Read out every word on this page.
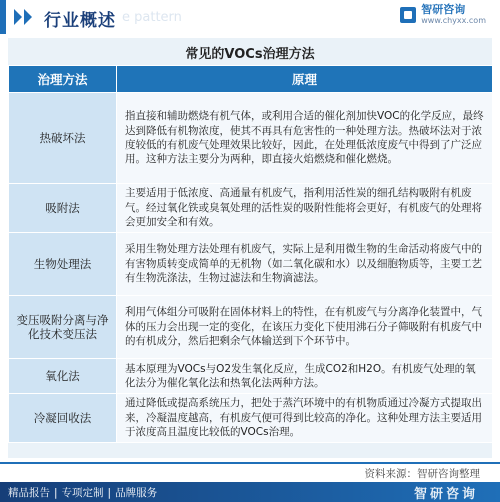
行业概述 e pattern
智研咨询
www.chyxx.com
常见的VOCs治理方法
治理方法	原理
热破坏法	指直接和辅助燃烧有机气体，或利用合适的催化剂加快VOC的化学反应，最终达到降低有机物浓度，使其不再具有危害性的一种处理方法。热破坏法对于浓度较低的有机废气处理效果比较好，因此，在处理低浓度废气中得到了广泛应用。这种方法主要分为两种，即直接火焰燃烧和催化燃烧。
吸附法	主要适用于低浓度、高通量有机废气，指利用活性炭的细孔结构吸附有机废气。经过氧化铁或臭氧处理的活性炭的吸附性能将会更好，有机废气的处理将会更加安全和有效。
生物处理法	采用生物处理方法处理有机废气，实际上是利用微生物的生命活动将废气中的有害物质转变成简单的无机物（如二氧化碳和水）以及细胞物质等，主要工艺有生物洗涤法，生物过滤法和生物滴滤法。
变压吸附分离与净化技术变压法	利用气体组分可吸附在固体材料上的特性，在有机废气与分离净化装置中，气体的压力会出现一定的变化，在该压力变化下使用沸石分子筛吸附有机废气中的有机成分，然后把剩余气体输送到下个环节中。
氧化法	基本原理为VOCs与O2发生氧化反应，生成CO2和H2O。有机废气处理的氧化法分为催化氧化法和热氧化法两种方法。
冷凝回收法	通过降低或提高系统压力，把处于蒸汽环境中的有机物质通过冷凝方式提取出来，冷凝温度越高，有机废气便可得到比较高的净化。这种处理方法主要适用于浓度高且温度比较低的VOCs治理。
资料来源：智研咨询整理
精品报告 | 专项定制 | 品牌服务	智研咨询
